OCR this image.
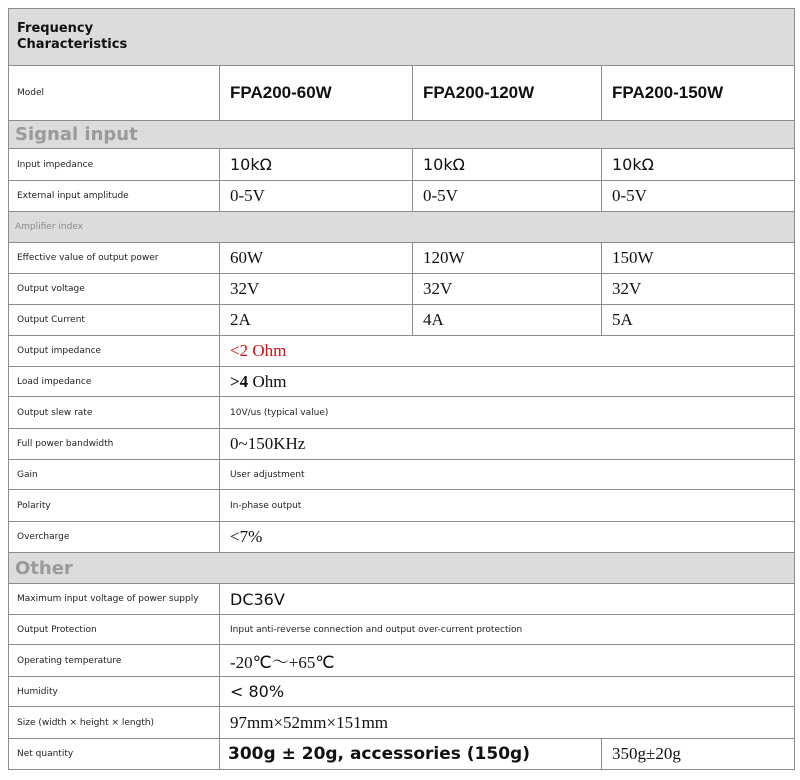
Frequency Characteristics			
Model	FPA200-60W	FPA200-120W	FPA200-150W
Signal input			
Input impedance	10kΩ	10kΩ	10kΩ
External input amplitude	0-5V	0-5V	0-5V
Amplifier index			
Effective value of output power	60W	120W	150W
Output voltage	32V	32V	32V
Output Current	2A	4A	5A
Output impedance	<2 Ohm		
Load impedance	>4 Ohm		
Output slew rate	10V/us (typical value)		
Full power bandwidth	0~150KHz		
Gain	User adjustment		
Polarity	In-phase output		
Overcharge	<7%		
Other			
Maximum input voltage of power supply	DC36V		
Output Protection	Input anti-reverse connection and output over-current protection		
Operating temperature	-20℃～+65℃		
Humidity	< 80%		
Size (width × height × length)	97mm×52mm×151mm		
Net quantity	300g ± 20g, accessories (150g)		350g±20g
